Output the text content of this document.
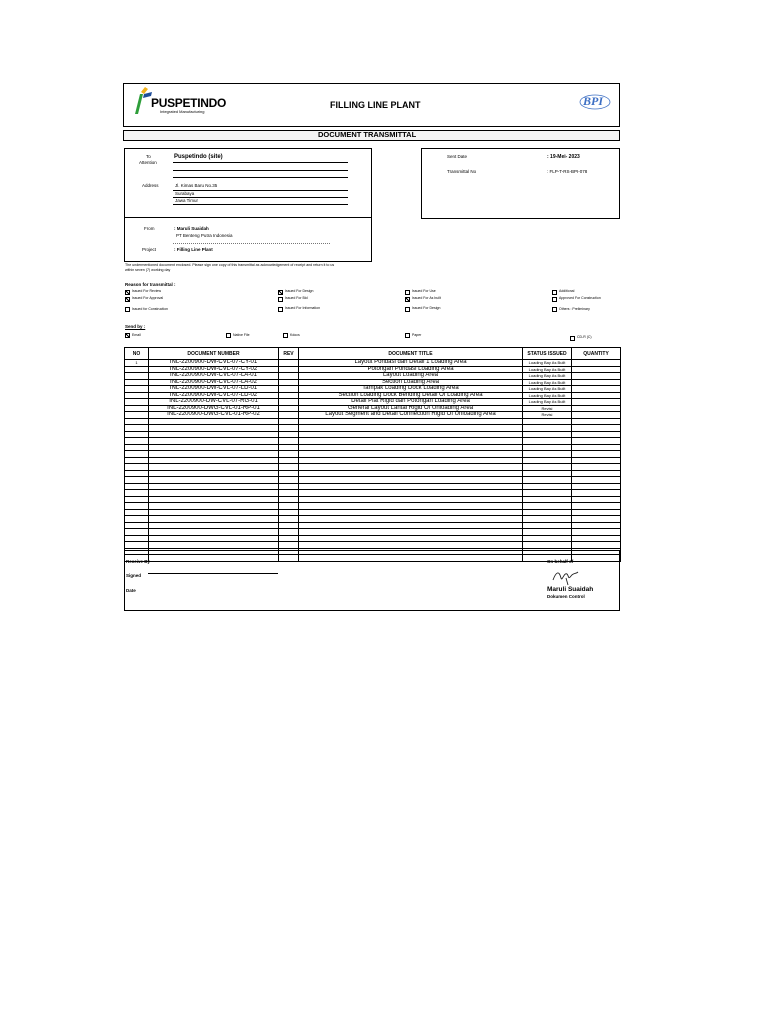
PUSPETINDO
Integrated Manufacturing
FILLING LINE PLANT	BPI
DOCUMENT TRANSMITTAL
To
Attention
Puspetindo (site)
Address	Jl. Kimas Baru No.35
Surabaya
Jawa Timur
From	: Maruli Suaidah
PT Benteng Putra Indonesia
Project	: Filling Line Plant
Sent Date	: 19-Mei- 2023
Transmittal No	: FLP-T-RS-BPI-078
The undermentioned document enclosed. Please sign one copy of this transmittal as acknowledgement of receipt and return it to us
within seven (7) working day
Reason for transmittal :
Issued For Review	Issued For Design	Issued For Use	Additional
Issued For Approval	Issued For Bid	Issued For As built	Approved For Construction
Issued for Construction	Issued For Information	Issued For Design	Others : Preliminary
Send by :
Email	Native File	Kdocs	Paper	CD-R (C)
NO	DOCUMENT NUMBER	REV	DOCUMENT TITLE	STATUS ISSUED	QUANTITY
1	INL-2200900-DW-CVL-07-CY-01		Layout Pondasi dan Detail 1 Loading Area	Loading Bay As Built	
	INL-2200900-DW-CVL-07-CY-02		Potongan Pondasi Loading Area	Loading Bay As Built	
	INL-2200900-DW-CVL-07-LA-01		Layout Loading Area	Loading Bay As Built	
	INL-2200900-DW-CVL-07-LA-02		Section Loading Area	Loading Bay As Built	
	INL-2200900-DW-CVL-07-LD-01		Tampak Loading Dock Loading Area	Loading Bay As Built	
	INL-2200900-DW-CVL-07-LD-02		Section Loading Dock Bending Detail Of Loading Area	Loading Bay As Built	
	INL-2200900-DW-CVL-07-RG-01		Detail Plat Rigid dan Potongan Loading Area	Loading Bay As Built	
	INL-2200900-DWG-CVL-01-RP-01		General Layout Lantai Rigid Of Unloading Area	Revisi	
	INL-2200900-DWG-CVL-01-RP-02		Layout Segment and Detail Connection Rigid Of Unloading Area	Revisi	

Receive By
Signed
Date
On behalf of
Maruli Suaidah
Dokumen Control
